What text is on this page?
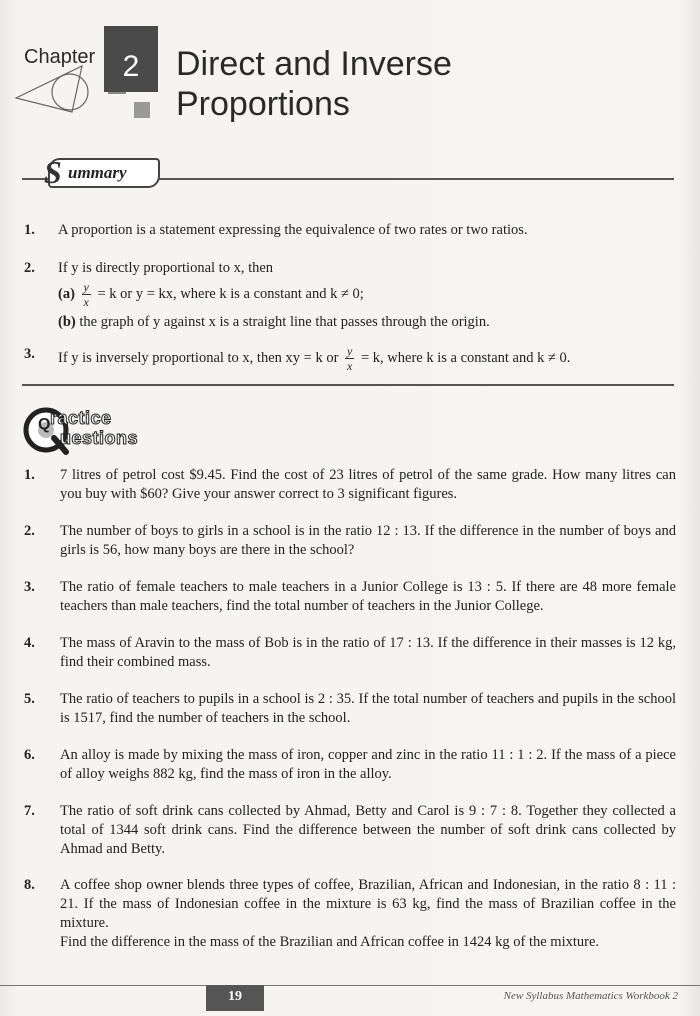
Chapter 2	Direct and Inverse
Proportions
S ummary
1. A proportion is a statement expressing the equivalence of two rates or two ratios.
2. If y is directly proportional to x, then
$(a) \frac{y}{x} = k$ or y = kx, where k is a constant and k ≠ 0;
(b) the graph of y against x is a straight line that passes through the origin.
3. If y is inversely proportional to x, then xy = k or $\frac{y}{x} = k$, where k is a constant and k ≠ 0.
ractice
uestions
Q
1. 7 litres of petrol cost $9.45. Find the cost of 23 litres of petrol of the same grade. How many litres can you buy with $60? Give your answer correct to 3 significant figures.
2. The number of boys to girls in a school is in the ratio 12 : 13. If the difference in the number of boys and girls is 56, how many boys are there in the school?
3. The ratio of female teachers to male teachers in a Junior College is 13 : 5. If there are 48 more female teachers than male teachers, find the total number of teachers in the Junior College.
4. The mass of Aravin to the mass of Bob is in the ratio of 17 : 13. If the difference in their masses is 12 kg, find their combined mass.
5. The ratio of teachers to pupils in a school is 2 : 35. If the total number of teachers and pupils in the school is 1517, find the number of teachers in the school.
6. An alloy is made by mixing the mass of iron, copper and zinc in the ratio 11 : 1 : 2. If the mass of a piece of alloy weighs 882 kg, find the mass of iron in the alloy.
7. The ratio of soft drink cans collected by Ahmad, Betty and Carol is 9 : 7 : 8. Together they collected a total of 1344 soft drink cans. Find the difference between the number of soft drink cans collected by Ahmad and Betty.
8. A coffee shop owner blends three types of coffee, Brazilian, African and Indonesian, in the ratio 8 : 11 : 21. If the mass of Indonesian coffee in the mixture is 63 kg, find the mass of Brazilian coffee in the mixture.
Find the difference in the mass of the Brazilian and African coffee in 1424 kg of the mixture.
19	New Syllabus Mathematics Workbook 2
